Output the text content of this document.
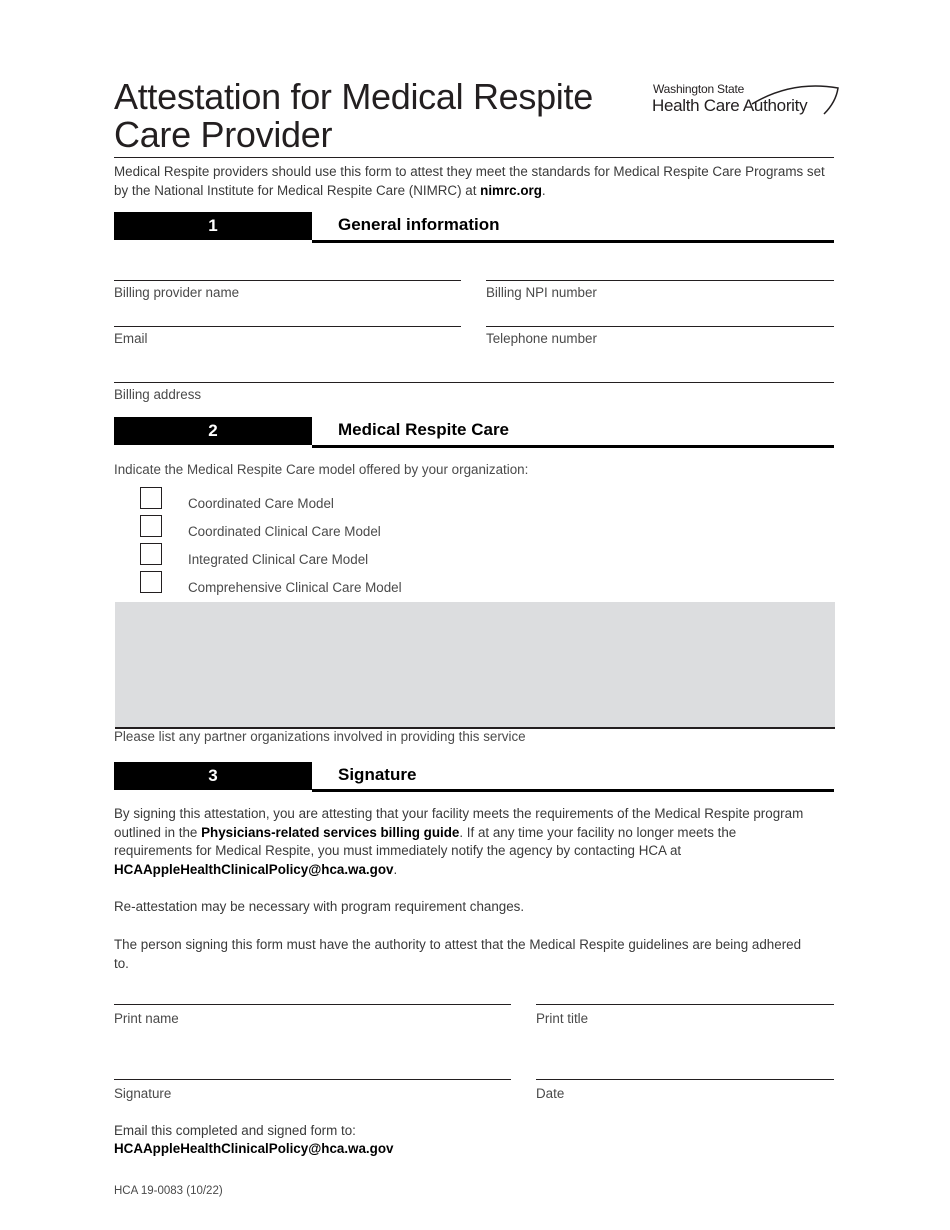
Attestation for Medical Respite
Care Provider
Washington State
Health Care Authority
Medical Respite providers should use this form to attest they meet the standards for Medical Respite Care Programs set by the National Institute for Medical Respite Care (NIMRC) at nimrc.org.
1	General information
Billing provider name	Billing NPI number
Email	Telephone number
Billing address
2	Medical Respite Care
Indicate the Medical Respite Care model offered by your organization:
Coordinated Care Model
Coordinated Clinical Care Model
Integrated Clinical Care Model
Comprehensive Clinical Care Model
Please list any partner organizations involved in providing this service
3	Signature
By signing this attestation, you are attesting that your facility meets the requirements of the Medical Respite program outlined in the Physicians-related services billing guide. If at any time your facility no longer meets the requirements for Medical Respite, you must immediately notify the agency by contacting HCA at HCAAppleHealthClinicalPolicy@hca.wa.gov.
Re-attestation may be necessary with program requirement changes.
The person signing this form must have the authority to attest that the Medical Respite guidelines are being adhered to.
Print name	Print title
Signature	Date
Email this completed and signed form to:
HCAAppleHealthClinicalPolicy@hca.wa.gov
HCA 19-0083 (10/22)
